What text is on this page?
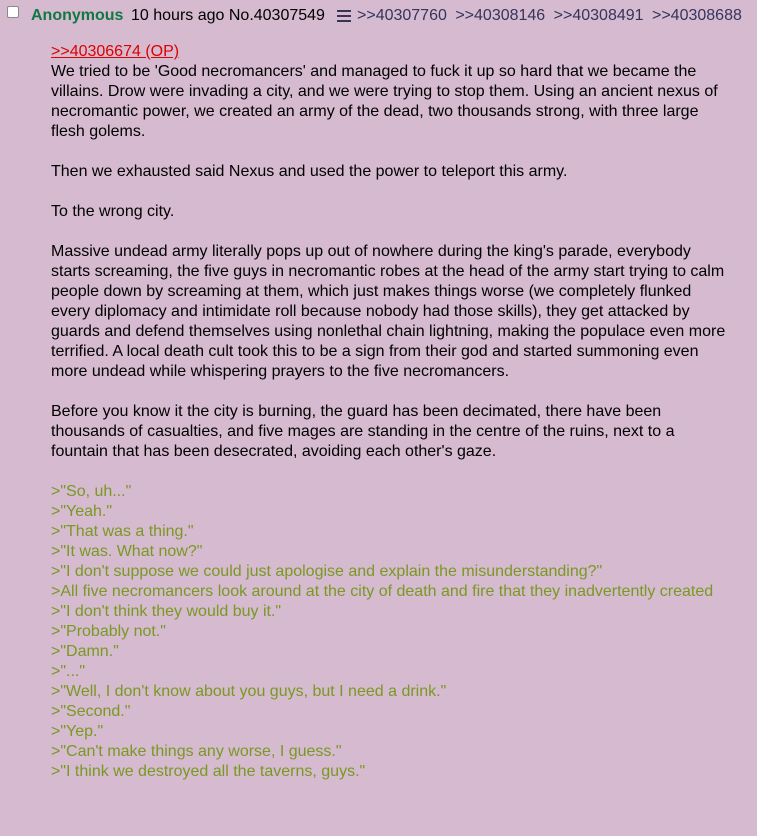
Anonymous 10 hours ago No.40307549 >>40307760 >>40308146 >>40308491 >>40308688
>>40306674 (OP)

We tried to be 'Good necromancers' and managed to fuck it up so hard that we became the villains. Drow were invading a city, and we were trying to stop them. Using an ancient nexus of necromantic power, we created an army of the dead, two thousands strong, with three large flesh golems.

Then we exhausted said Nexus and used the power to teleport this army.

To the wrong city.

Massive undead army literally pops up out of nowhere during the king's parade, everybody starts screaming, the five guys in necromantic robes at the head of the army start trying to calm people down by screaming at them, which just makes things worse (we completely flunked every diplomacy and intimidate roll because nobody had those skills), they get attacked by guards and defend themselves using nonlethal chain lightning, making the populace even more terrified. A local death cult took this to be a sign from their god and started summoning even more undead while whispering prayers to the five necromancers.

Before you know it the city is burning, the guard has been decimated, there have been thousands of casualties, and five mages are standing in the centre of the ruins, next to a fountain that has been desecrated, avoiding each other's gaze.

>"So, uh..."
>"Yeah."
>"That was a thing."
>"It was. What now?"
>"I don't suppose we could just apologise and explain the misunderstanding?"
>All five necromancers look around at the city of death and fire that they inadvertently created
>"I don't think they would buy it."
>"Probably not."
>"Damn."
>"..."
>"Well, I don't know about you guys, but I need a drink."
>"Second."
>"Yep."
>"Can't make things any worse, I guess."
>"I think we destroyed all the taverns, guys."
